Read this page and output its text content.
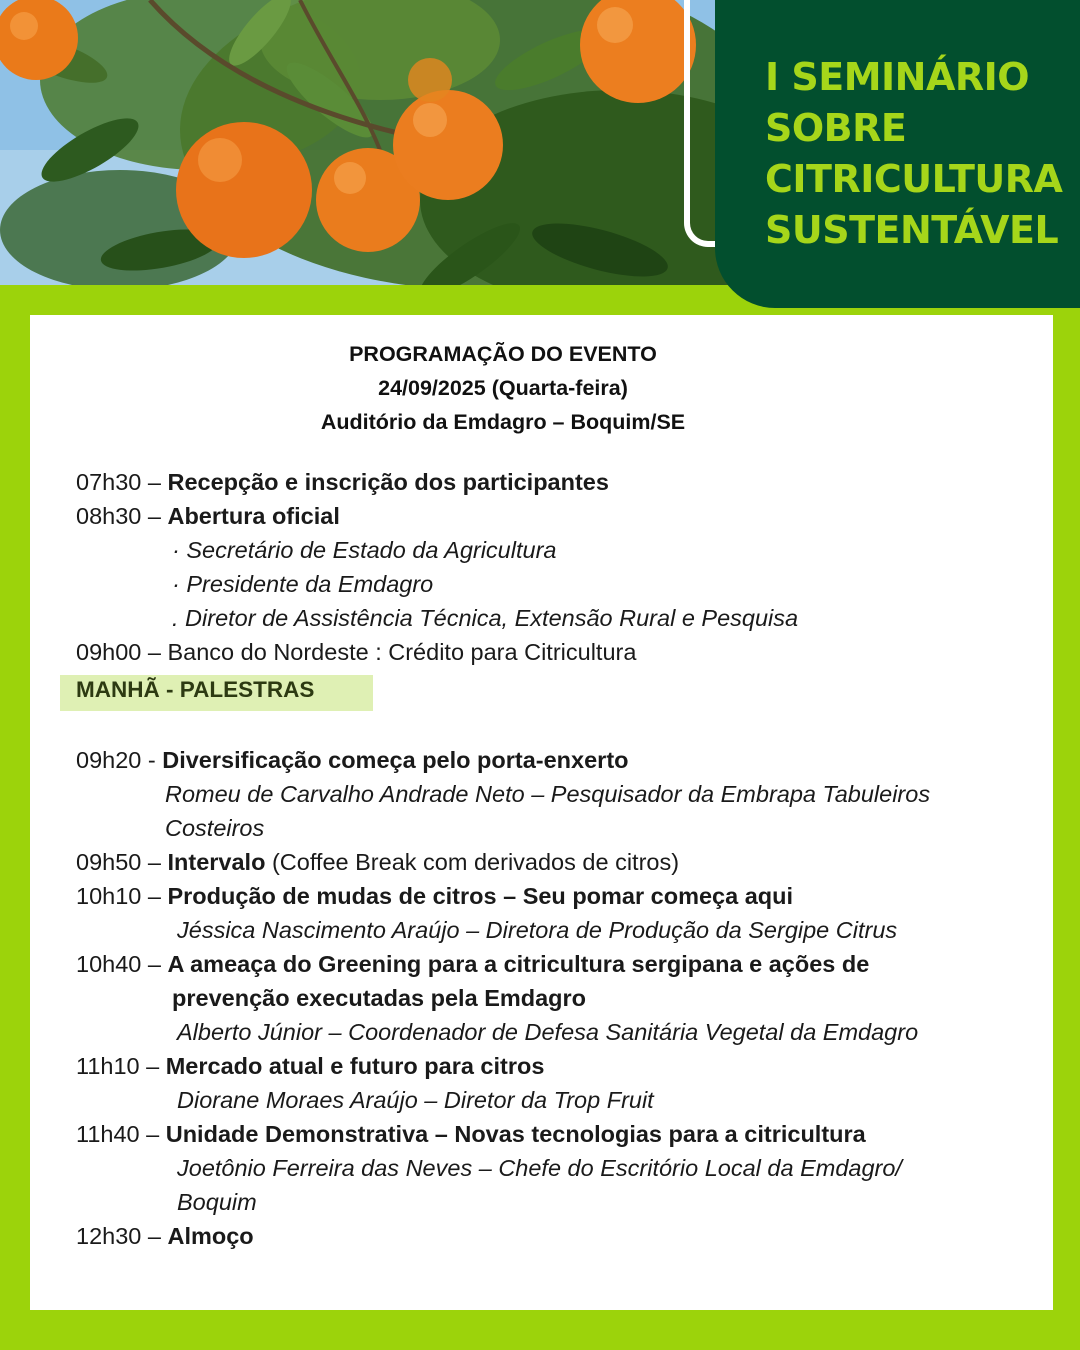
I SEMINÁRIO
SOBRE
CITRICULTURA
SUSTENTÁVEL
PROGRAMAÇÃO DO EVENTO
24/09/2025 (Quarta-feira)
Auditório da Emdagro – Boquim/SE
07h30 – Recepção e inscrição dos participantes
08h30 – Abertura oficial
· Secretário de Estado da Agricultura
· Presidente da Emdagro
. Diretor de Assistência Técnica, Extensão Rural e Pesquisa
09h00 – Banco do Nordeste : Crédito para Citricultura
MANHÃ - PALESTRAS
09h20 - Diversificação começa pelo porta-enxerto
Romeu de Carvalho Andrade Neto – Pesquisador da Embrapa Tabuleiros
Costeiros
09h50 – Intervalo (Coffee Break com derivados de citros)
10h10 – Produção de mudas de citros – Seu pomar começa aqui
Jéssica Nascimento Araújo – Diretora de Produção da Sergipe Citrus
10h40 – A ameaça do Greening para a citricultura sergipana e ações de
prevenção executadas pela Emdagro
Alberto Júnior – Coordenador de Defesa Sanitária Vegetal da Emdagro
11h10 – Mercado atual e futuro para citros
Diorane Moraes Araújo – Diretor da Trop Fruit
11h40 – Unidade Demonstrativa – Novas tecnologias para a citricultura
Joetônio Ferreira das Neves – Chefe do Escritório Local da Emdagro/
Boquim
12h30 – Almoço
